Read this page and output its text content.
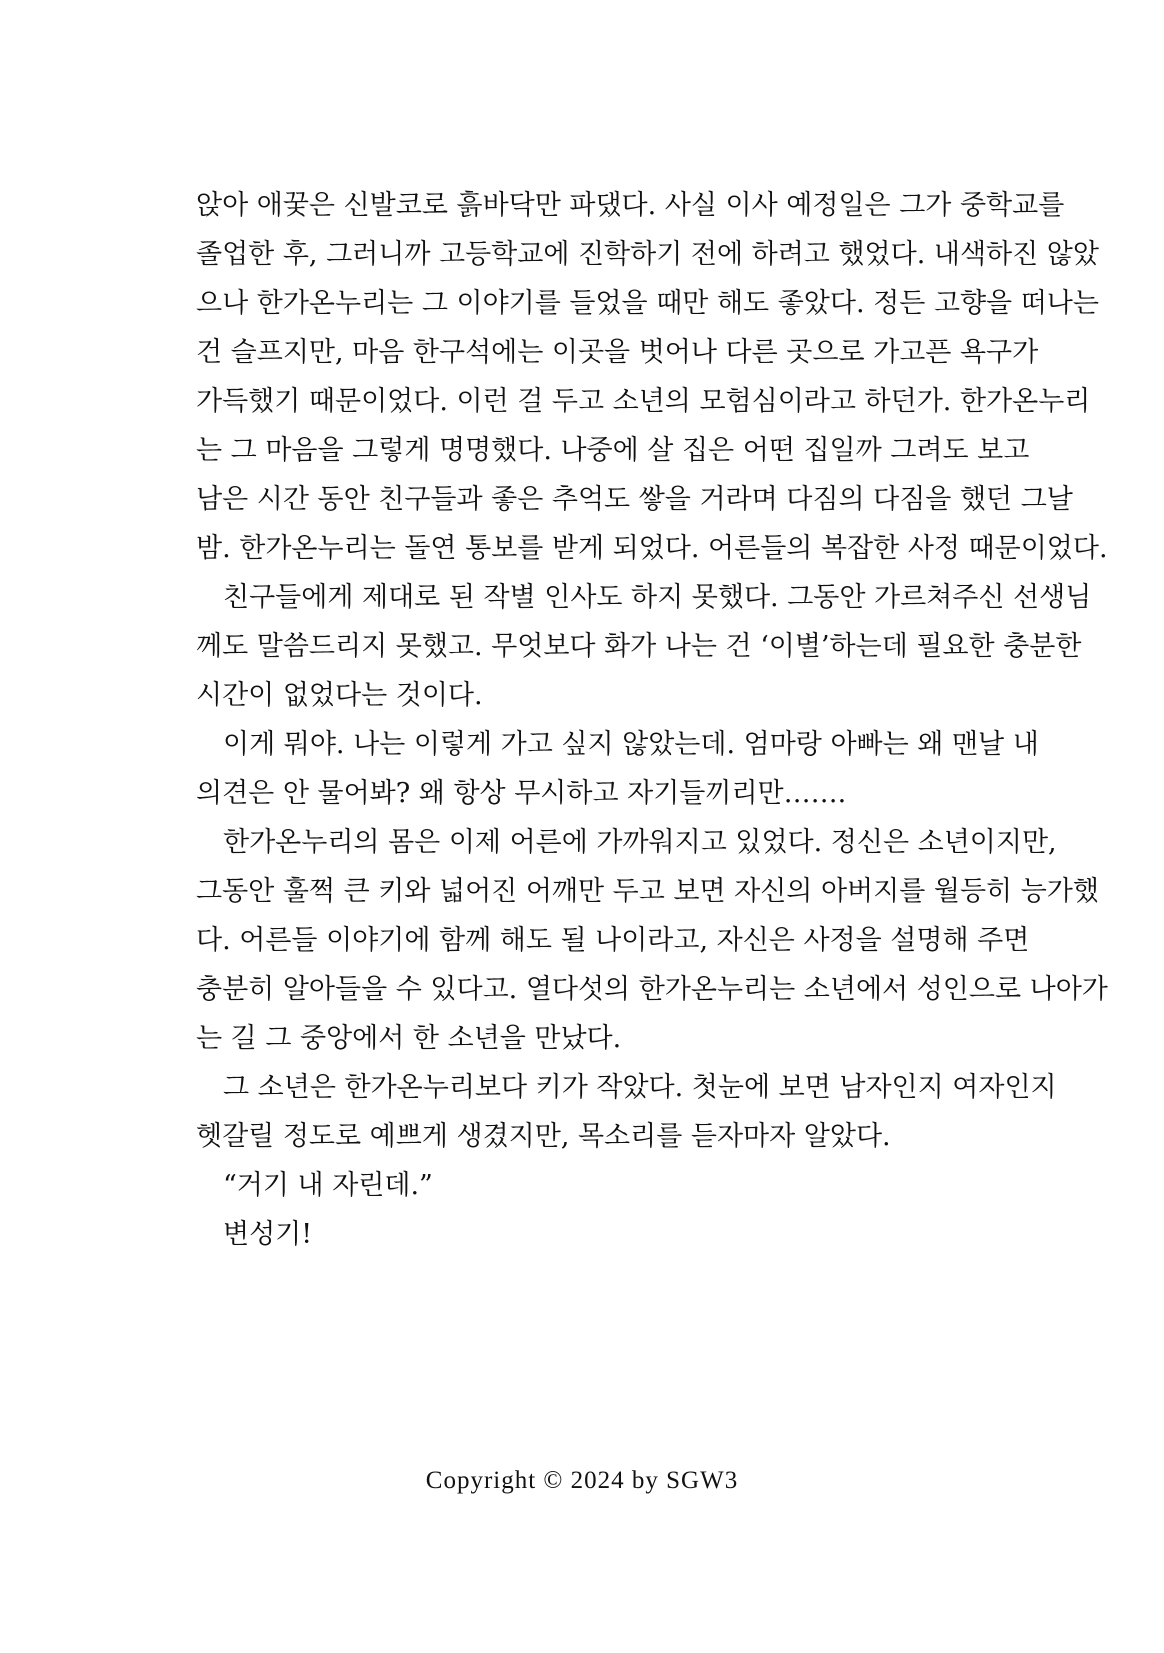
앉아 애꿎은 신발코로 흙바닥만 파댔다. 사실 이사 예정일은 그가 중학교를
졸업한 후, 그러니까 고등학교에 진학하기 전에 하려고 했었다. 내색하진 않았
으나 한가온누리는 그 이야기를 들었을 때만 해도 좋았다. 정든 고향을 떠나는
건 슬프지만, 마음 한구석에는 이곳을 벗어나 다른 곳으로 가고픈 욕구가
가득했기 때문이었다. 이런 걸 두고 소년의 모험심이라고 하던가. 한가온누리
는 그 마음을 그렇게 명명했다. 나중에 살 집은 어떤 집일까 그려도 보고
남은 시간 동안 친구들과 좋은 추억도 쌓을 거라며 다짐의 다짐을 했던 그날
밤. 한가온누리는 돌연 통보를 받게 되었다. 어른들의 복잡한 사정 때문이었다.
친구들에게 제대로 된 작별 인사도 하지 못했다. 그동안 가르쳐주신 선생님
께도 말씀드리지 못했고. 무엇보다 화가 나는 건 ‘이별’하는데 필요한 충분한
시간이 없었다는 것이다.
이게 뭐야. 나는 이렇게 가고 싶지 않았는데. 엄마랑 아빠는 왜 맨날 내
의견은 안 물어봐? 왜 항상 무시하고 자기들끼리만…….
한가온누리의 몸은 이제 어른에 가까워지고 있었다. 정신은 소년이지만,
그동안 훌쩍 큰 키와 넓어진 어깨만 두고 보면 자신의 아버지를 월등히 능가했
다. 어른들 이야기에 함께 해도 될 나이라고, 자신은 사정을 설명해 주면
충분히 알아들을 수 있다고. 열다섯의 한가온누리는 소년에서 성인으로 나아가
는 길 그 중앙에서 한 소년을 만났다.
그 소년은 한가온누리보다 키가 작았다. 첫눈에 보면 남자인지 여자인지
헷갈릴 정도로 예쁘게 생겼지만, 목소리를 듣자마자 알았다.
“거기 내 자린데.”
변성기!
Copyright © 2024 by SGW3
